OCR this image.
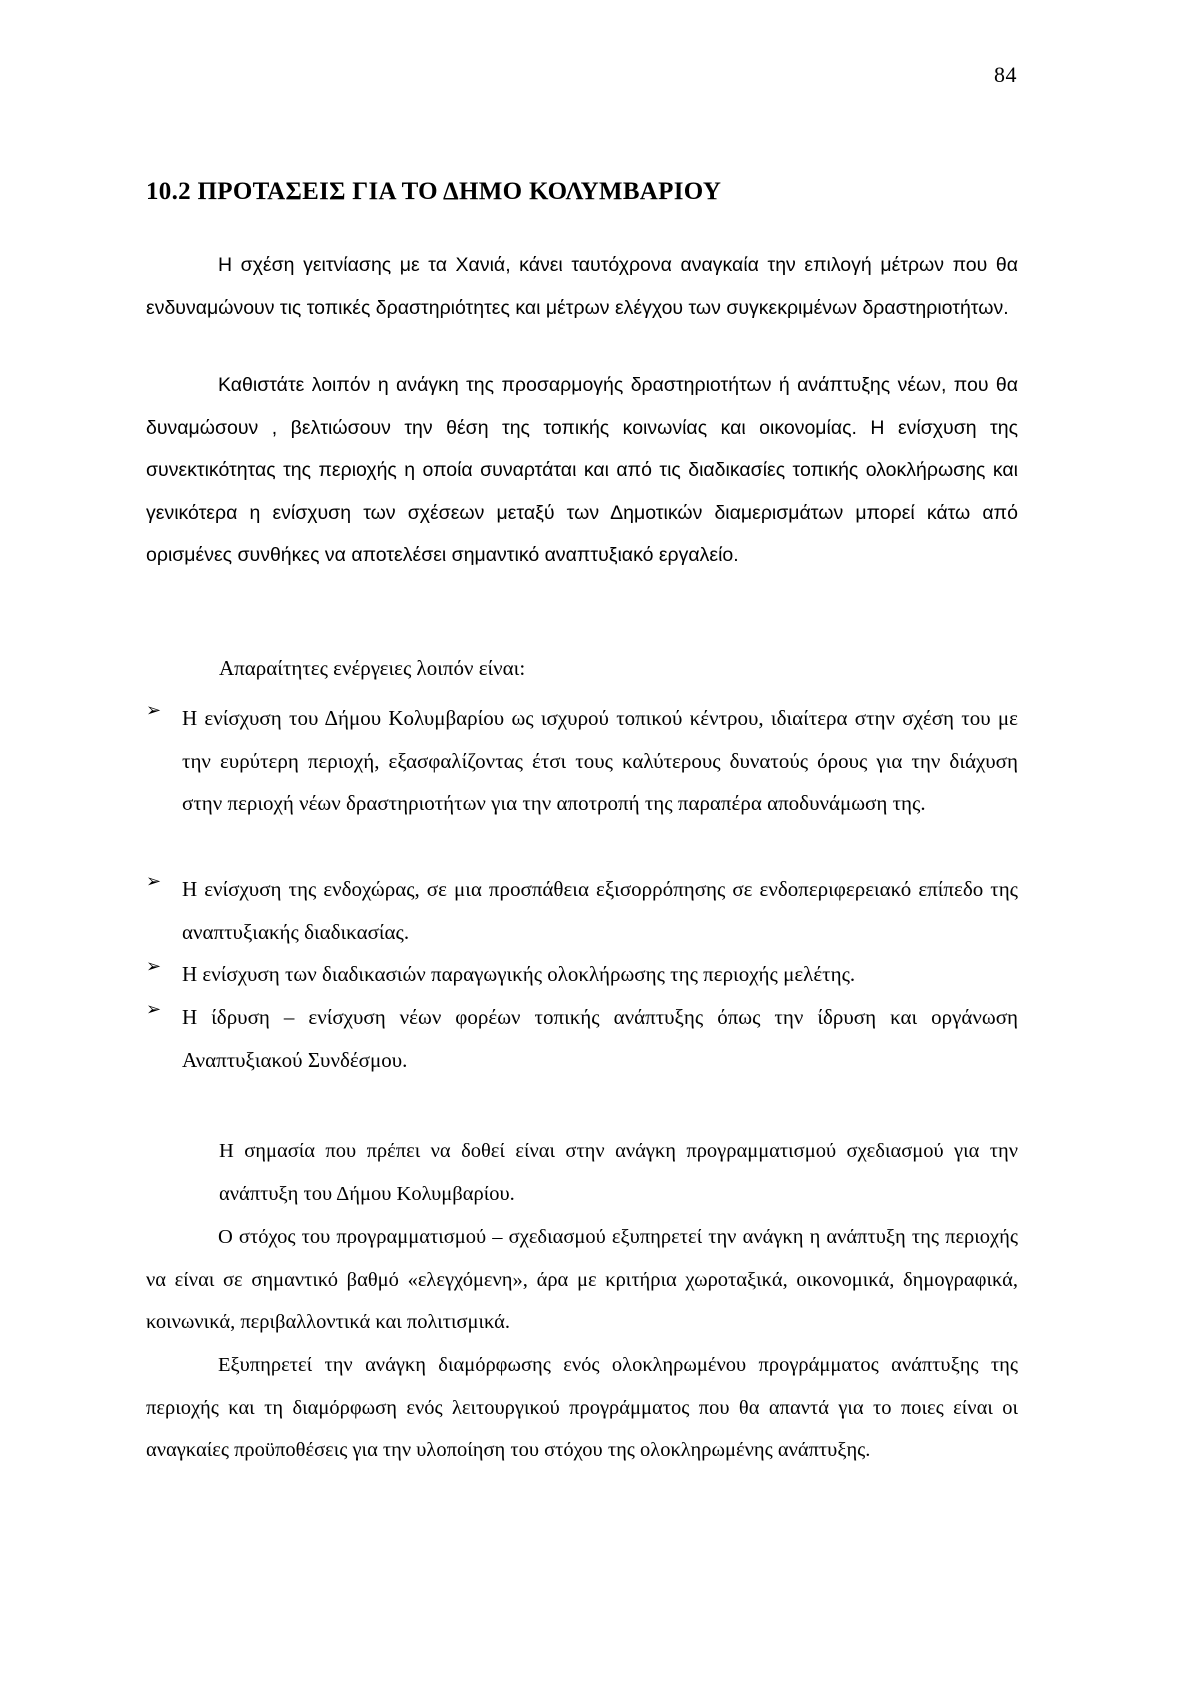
84
10.2 ΠΡΟΤΑΣΕΙΣ ΓΙΑ ΤΟ ΔΗΜΟ ΚΟΛΥΜΒΑΡΙΟΥ

Η σχέση γειτνίασης με τα Χανιά, κάνει ταυτόχρονα αναγκαία την επιλογή μέτρων που θα ενδυναμώνουν τις τοπικές δραστηριότητες και μέτρων ελέγχου των συγκεκριμένων δραστηριοτήτων.

Καθιστάτε λοιπόν η ανάγκη της προσαρμογής δραστηριοτήτων ή ανάπτυξης νέων, που θα δυναμώσουν , βελτιώσουν την θέση της τοπικής κοινωνίας και οικονομίας. Η ενίσχυση της συνεκτικότητας της περιοχής η οποία συναρτάται και από τις διαδικασίες τοπικής ολοκλήρωσης και γενικότερα η ενίσχυση των σχέσεων μεταξύ των Δημοτικών διαμερισμάτων μπορεί κάτω από ορισμένες συνθήκες να αποτελέσει σημαντικό αναπτυξιακό εργαλείο.

Απαραίτητες ενέργειες λοιπόν είναι:
➢ Η ενίσχυση του Δήμου Κολυμβαρίου ως ισχυρού τοπικού κέντρου, ιδιαίτερα στην σχέση του με την ευρύτερη περιοχή, εξασφαλίζοντας έτσι τους καλύτερους δυνατούς όρους για την διάχυση στην περιοχή νέων δραστηριοτήτων για την αποτροπή της παραπέρα αποδυνάμωση της.
➢ Η ενίσχυση της ενδοχώρας, σε μια προσπάθεια εξισορρόπησης σε ενδοπεριφερειακό επίπεδο της αναπτυξιακής διαδικασίας.
➢ Η ενίσχυση των διαδικασιών παραγωγικής ολοκλήρωσης της περιοχής μελέτης.
➢ Η ίδρυση – ενίσχυση νέων φορέων τοπικής ανάπτυξης όπως την ίδρυση και οργάνωση Αναπτυξιακού Συνδέσμου.

Η σημασία που πρέπει να δοθεί είναι στην ανάγκη προγραμματισμού σχεδιασμού για την ανάπτυξη του Δήμου Κολυμβαρίου.

Ο στόχος του προγραμματισμού – σχεδιασμού εξυπηρετεί την ανάγκη η ανάπτυξη της περιοχής να είναι σε σημαντικό βαθμό «ελεγχόμενη», άρα με κριτήρια χωροταξικά, οικονομικά, δημογραφικά, κοινωνικά, περιβαλλοντικά και πολιτισμικά.

Εξυπηρετεί την ανάγκη διαμόρφωσης ενός ολοκληρωμένου προγράμματος ανάπτυξης της περιοχής και τη διαμόρφωση ενός λειτουργικού προγράμματος που θα απαντά για το ποιες είναι οι αναγκαίες προϋποθέσεις για την υλοποίηση του στόχου της ολοκληρωμένης ανάπτυξης.
